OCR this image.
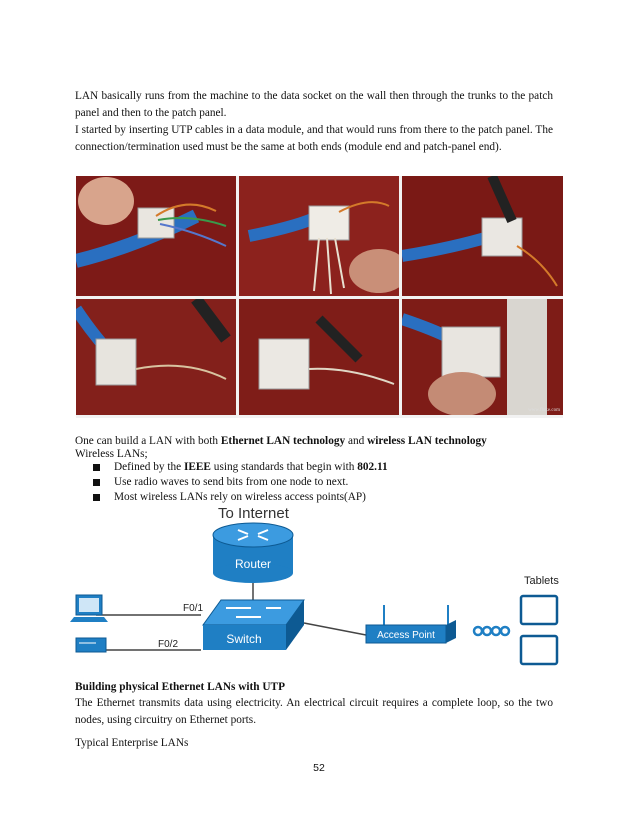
LAN basically runs from the machine to the data socket on the wall then through the trunks to the patch panel and then to the patch panel.

I started by inserting UTP cables in a data module, and that would runs from there to the patch panel. The connection/termination used must be the same at both ends (module end and patch-panel end).

www.fluke.com

One can build a LAN with both Ethernet LAN technology and wireless LAN technology

Wireless LANs;

Defined by the IEEE using standards that begin with 802.11
Use radio waves to send bits from one node to next.
Most wireless LANs rely on wireless access points(AP)
To Internet
Router
Switch
F0/1
F0/2
Access Point
Tablets

Building physical Ethernet LANs with UTP

The Ethernet transmits data using electricity. An electrical circuit requires a complete loop, so the two nodes, using circuitry on Ethernet ports.

Typical Enterprise LANs

52
